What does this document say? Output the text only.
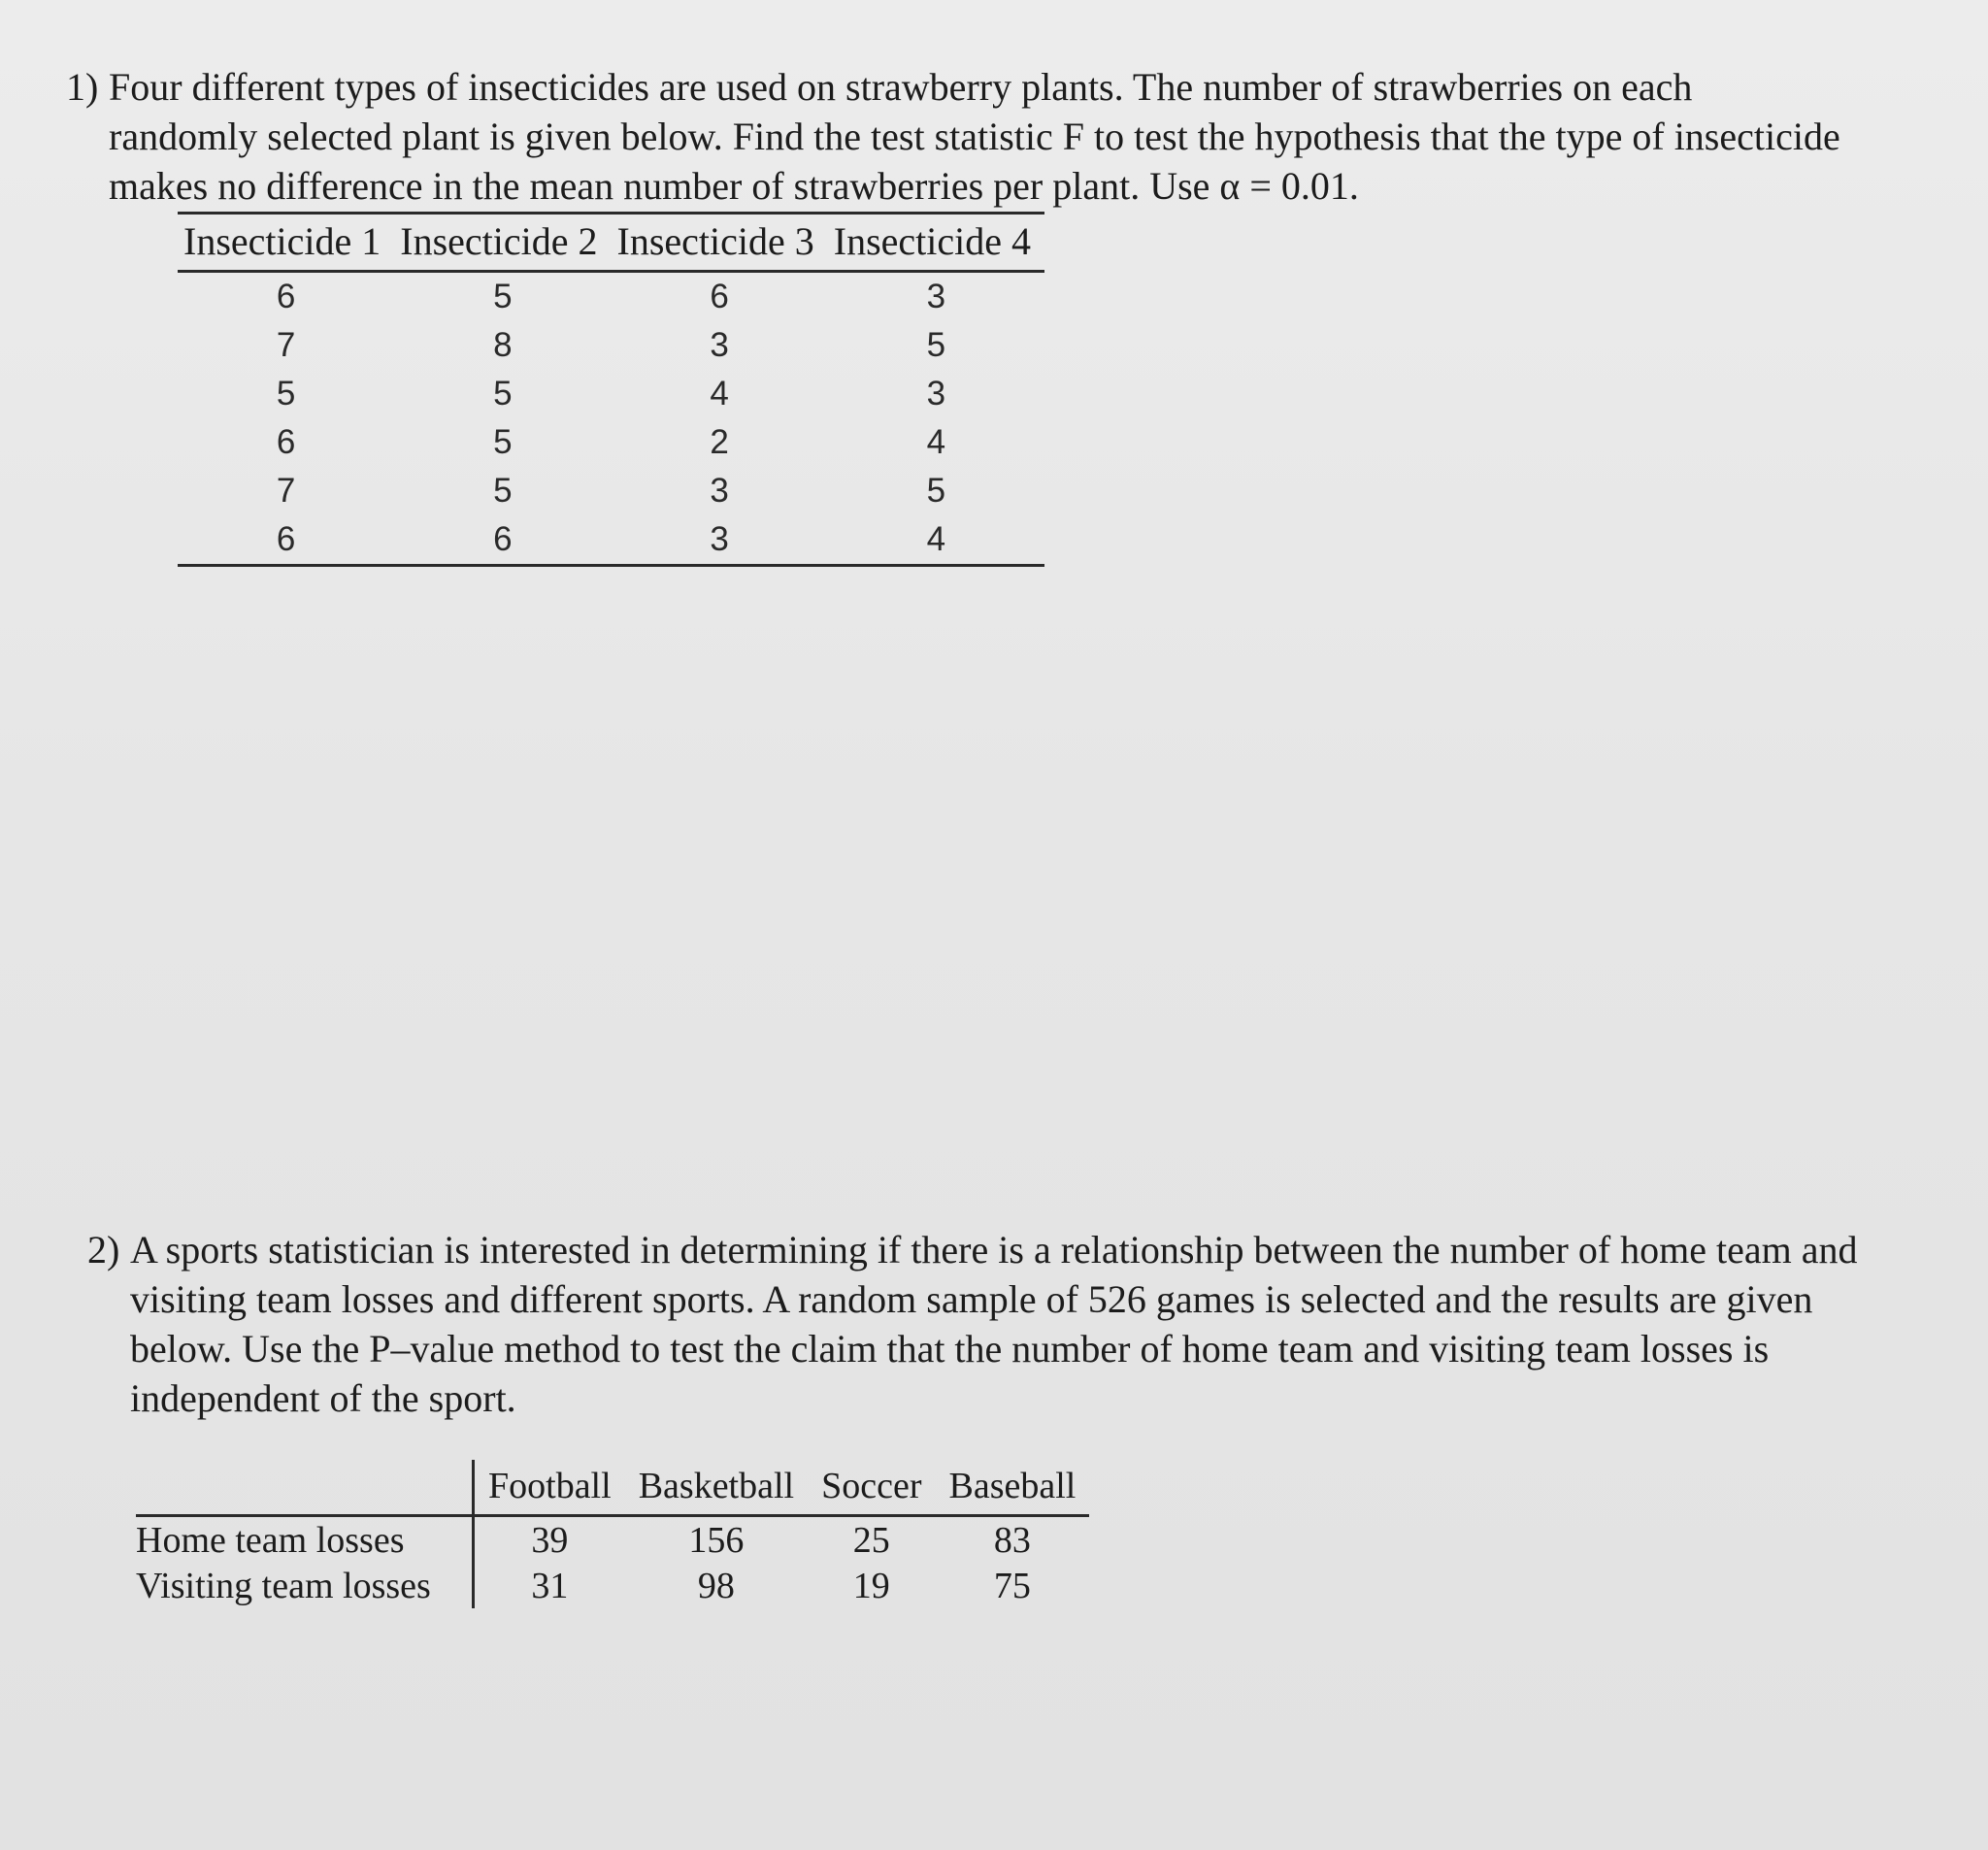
1) Four different types of insecticides are used on strawberry plants. The number of strawberries on each
randomly selected plant is given below. Find the test statistic F to test the hypothesis that the type of insecticide
makes no difference in the mean number of strawberries per plant. Use α = 0.01.
Insecticide 1	Insecticide 2	Insecticide 3	Insecticide 4
6	5	6	3
7	8	3	5
5	5	4	3
6	5	2	4
7	5	3	5
6	6	3	4
2) A sports statistician is interested in determining if there is a relationship between the number of home team and
visiting team losses and different sports. A random sample of 526 games is selected and the results are given
below. Use the P–value method to test the claim that the number of home team and visiting team losses is
independent of the sport.
	Football	Basketball	Soccer	Baseball
Home team losses	39	156	25	83
Visiting team losses	31	98	19	75
